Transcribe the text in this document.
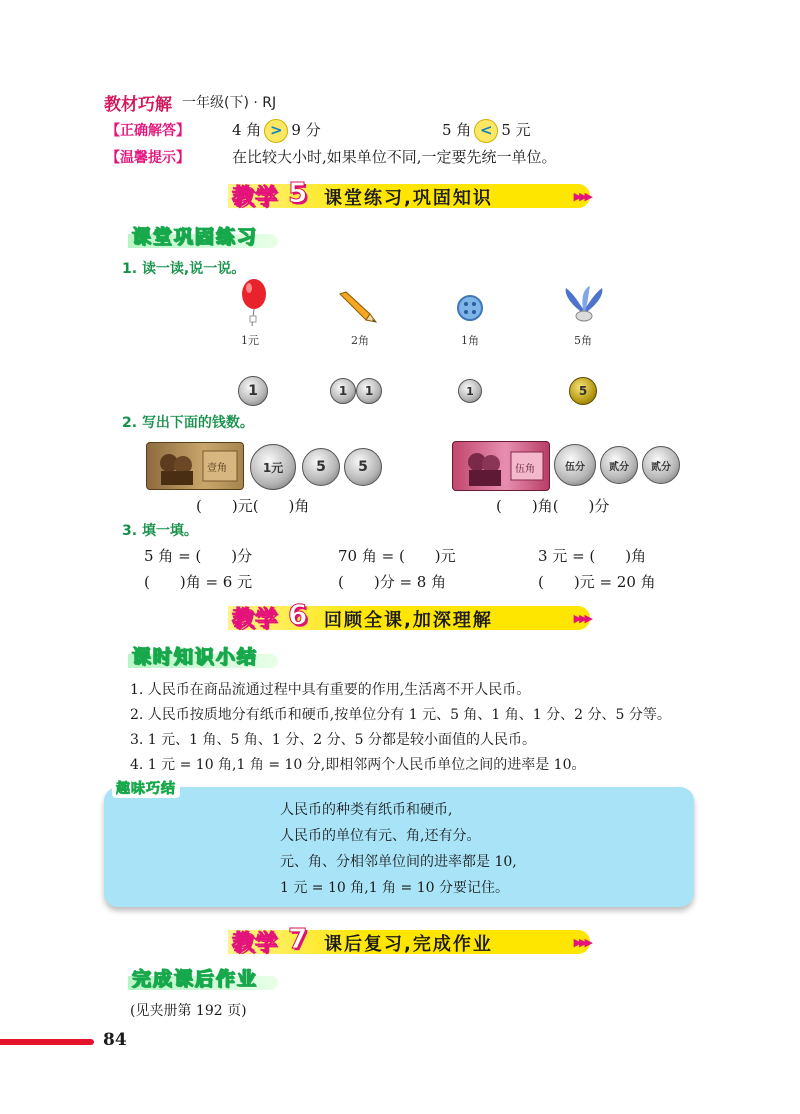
教材巧解 一年级(下) · RJ
【正确解答】	4 角 > 9 分	5 角 < 5 元
【温馨提示】	在比较大小时,如果单位不同,一定要先统一单位。
教学 5 课堂练习,巩固知识	▶▶▶
课堂巩固练习
1. 读一读,说一说。
1元	2角	1角	5角
1	1	1	1	5
2. 写出下面的钱数。
壹角	1元	5	5	伍角	伍分	贰分	贰分
(　　)元(　　)角	(　　)角(　　)分
3. 填一填。
5 角 = (　　)分	70 角 = (　　)元	3 元 = (　　)角
(　　)角 = 6 元	(　　)分 = 8 角	(　　)元 = 20 角
教学 6 回顾全课,加深理解	▶▶▶
课时知识小结
1. 人民币在商品流通过程中具有重要的作用,生活离不开人民币。
2. 人民币按质地分有纸币和硬币,按单位分有 1 元、5 角、1 角、1 分、2 分、5 分等。
3. 1 元、1 角、5 角、1 分、2 分、5 分都是较小面值的人民币。
4. 1 元 = 10 角,1 角 = 10 分,即相邻两个人民币单位之间的进率是 10。
人民币的种类有纸币和硬币,
人民币的单位有元、角,还有分。
元、角、分相邻单位间的进率都是 10,
1 元 = 10 角,1 角 = 10 分要记住。
趣味巧结
教学 7 课后复习,完成作业	▶▶▶
完成课后作业
(见夹册第 192 页)
84
